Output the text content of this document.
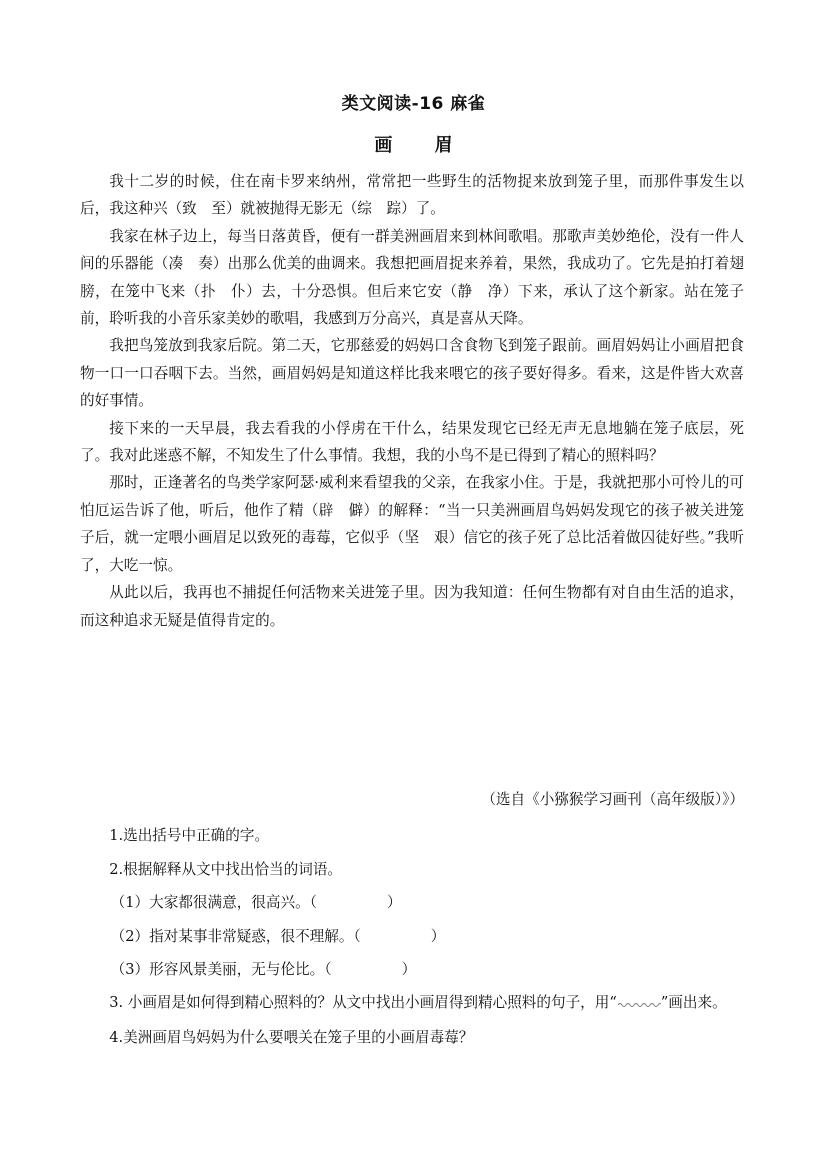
类文阅读-16 麻雀
画 眉

我十二岁的时候，住在南卡罗来纳州，常常把一些野生的活物捉来放到笼子里，而那件事发生以后，我这种兴（致　至）就被抛得无影无（综　踪）了。

我家在林子边上，每当日落黄昏，便有一群美洲画眉来到林间歌唱。那歌声美妙绝伦，没有一件人间的乐器能（凑　奏）出那么优美的曲调来。我想把画眉捉来养着，果然，我成功了。它先是拍打着翅膀，在笼中飞来（扑　仆）去，十分恐惧。但后来它安（静　净）下来，承认了这个新家。站在笼子前，聆听我的小音乐家美妙的歌唱，我感到万分高兴，真是喜从天降。

我把鸟笼放到我家后院。第二天，它那慈爱的妈妈口含食物飞到笼子跟前。画眉妈妈让小画眉把食物一口一口吞咽下去。当然，画眉妈妈是知道这样比我来喂它的孩子要好得多。看来，这是件皆大欢喜的好事情。

接下来的一天早晨，我去看我的小俘虏在干什么，结果发现它已经无声无息地躺在笼子底层，死了。我对此迷惑不解，不知发生了什么事情。我想，我的小鸟不是已得到了精心的照料吗？

那时，正逢著名的鸟类学家阿瑟·威利来看望我的父亲，在我家小住。于是，我就把那小可怜儿的可怕厄运告诉了他，听后，他作了精（辟　僻）的解释：“当一只美洲画眉鸟妈妈发现它的孩子被关进笼子后，就一定喂小画眉足以致死的毒莓，它似乎（坚　艰）信它的孩子死了总比活着做囚徒好些。”我听了，大吃一惊。

从此以后，我再也不捕捉任何活物来关进笼子里。因为我知道：任何生物都有对自由生活的追求，而这种追求无疑是值得肯定的。

（选自《小猕猴学习画刊（高年级版）》）

1.选出括号中正确的字。

2.根据解释从文中找出恰当的词语。

（1）大家都很满意，很高兴。（	）

（2）指对某事非常疑惑，很不理解。（	）

（3）形容风景美丽，无与伦比。（	）

3. 小画眉是如何得到精心照料的？从文中找出小画眉得到精心照料的句子，用“	”画出来。

4.美洲画眉鸟妈妈为什么要喂关在笼子里的小画眉毒莓？
